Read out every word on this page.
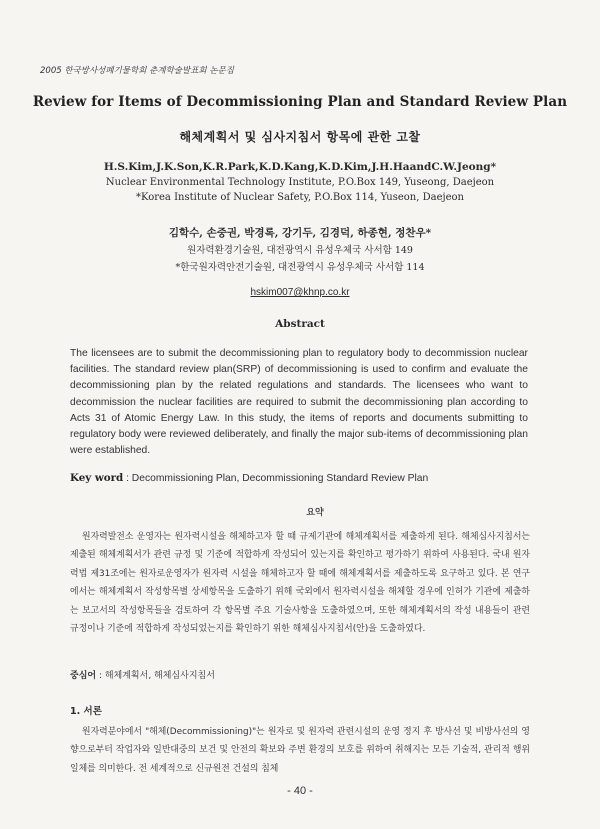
2005 한국방사성폐기물학회 춘계학술발표회 논문집
Review for Items of Decommissioning Plan and Standard Review Plan
해체계획서 및 심사지침서 항목에 관한 고찰
H.S.Kim,J.K.Son,K.R.Park,K.D.Kang,K.D.Kim,J.H.HaandC.W.Jeong*
Nuclear Environmental Technology Institute, P.O.Box 149, Yuseong, Daejeon
*Korea Institute of Nuclear Safety, P.O.Box 114, Yuseon, Daejeon
김학수, 손중권, 박경록, 강기두, 김경덕, 하종현, 정찬우*
원자력환경기술원, 대전광역시 유성우체국 사서함 149
*한국원자력안전기술원, 대전광역시 유성우체국 사서함 114
hskim007@khnp.co.kr
Abstract
The licensees are to submit the decommissioning plan to regulatory body to decommission nuclear facilities. The standard review plan(SRP) of decommissioning is used to confirm and evaluate the decommissioning plan by the related regulations and standards. The licensees who want to decommission the nuclear facilities are required to submit the decommissioning plan according to Acts 31 of Atomic Energy Law. In this study, the items of reports and documents submitting to regulatory body were reviewed deliberately, and finally the major sub-items of decommissioning plan were established.
Key word : Decommissioning Plan, Decommissioning Standard Review Plan
요약
원자력발전소 운영자는 원자력시설을 해체하고자 할 때 규제기관에 해체계획서를 제출하게 된다. 해체심사지침서는 제출된 해체계획서가 관련 규정 및 기준에 적합하게 작성되어 있는지를 확인하고 평가하기 위하여 사용된다. 국내 원자력법 제31조에는 원자로운영자가 원자력 시설을 해체하고자 할 때에 해체계획서를 제출하도록 요구하고 있다. 본 연구에서는 해체계획서 작성항목별 상세항목을 도출하기 위해 국외에서 원자력시설을 해체할 경우에 인허가 기관에 제출하는 보고서의 작성항목들을 검토하여 각 항목별 주요 기술사항을 도출하였으며, 또한 해체계획서의 작성 내용들이 관련 규정이나 기준에 적합하게 작성되었는지를 확인하기 위한 해체심사지침서(안)을 도출하였다.
중심어 : 해체계획서, 해체심사지침서
1. 서론
원자력분야에서 "해체(Decommissioning)"는 원자로 및 원자력 관련시설의 운영 정지 후 방사선 및 비방사선의 영향으로부터 작업자와 일반대중의 보건 및 안전의 확보와 주변 환경의 보호를 위하여 취해지는 모든 기술적, 관리적 행위 일체를 의미한다. 전 세계적으로 신규원전 건설의 침체
- 40 -
